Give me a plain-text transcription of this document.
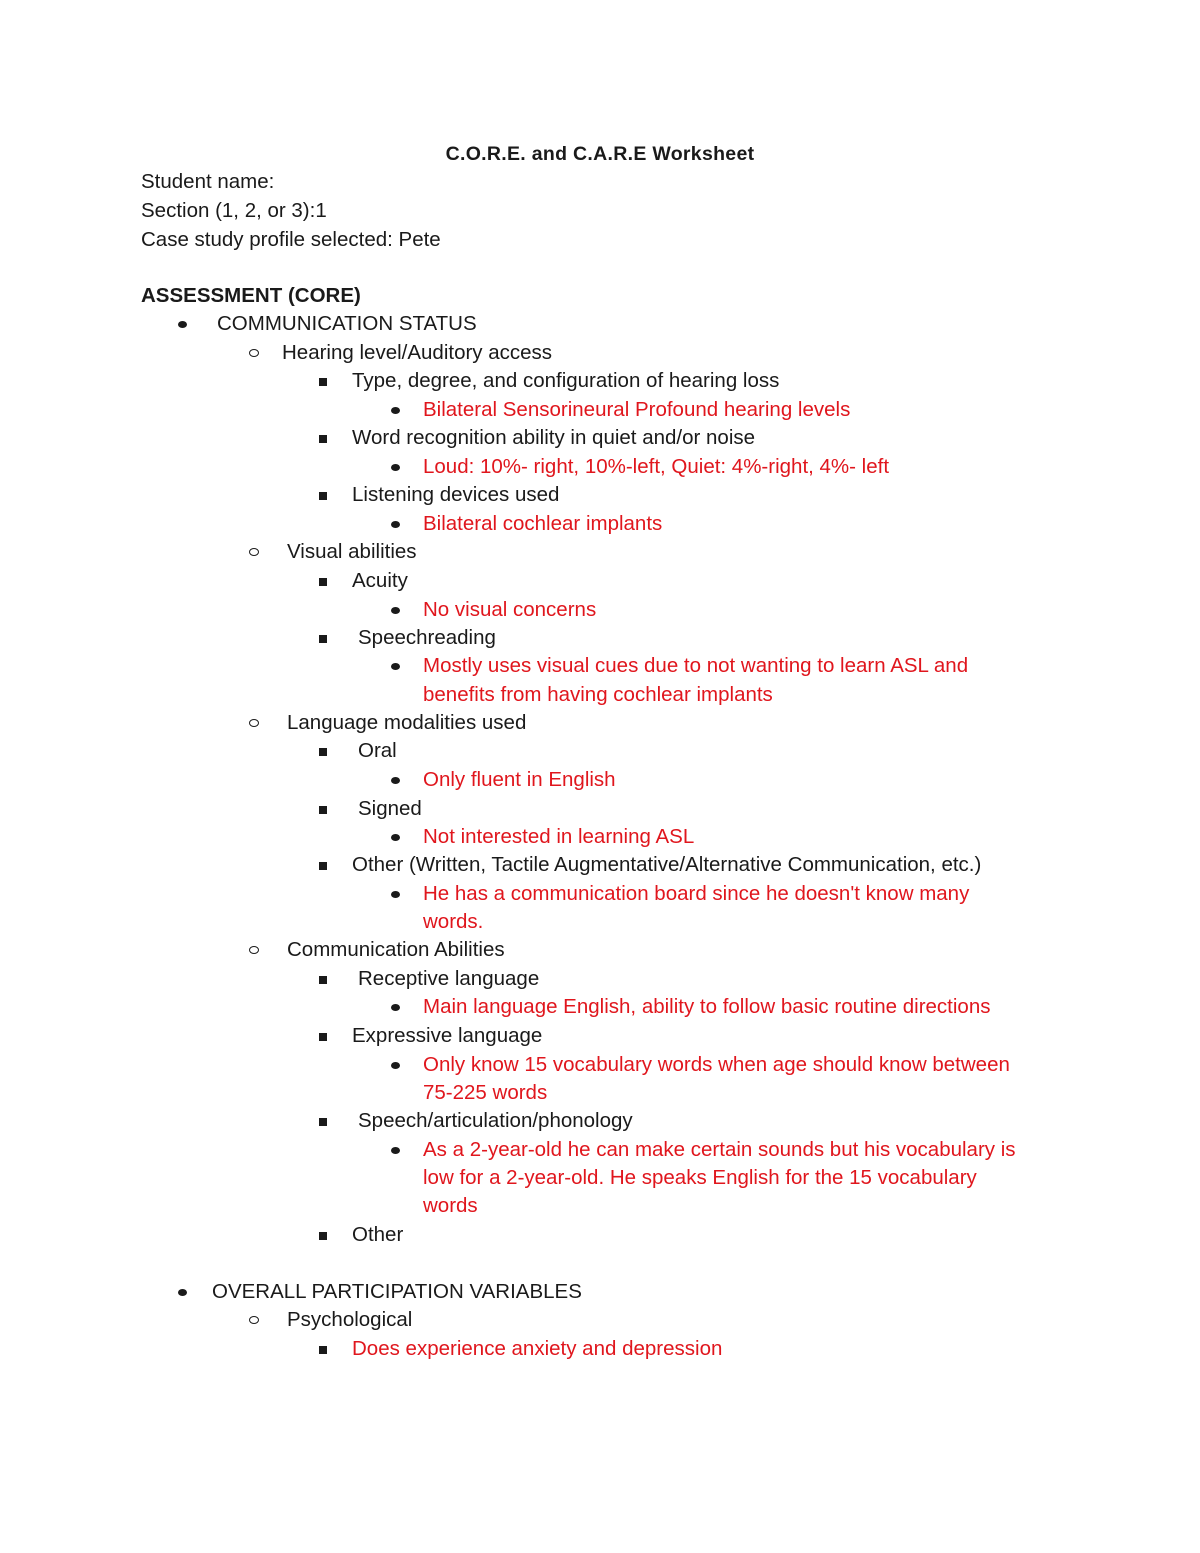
C.O.R.E. and C.A.R.E Worksheet
Student name:
Section (1, 2, or 3):1
Case study profile selected: Pete
ASSESSMENT (CORE)
COMMUNICATION STATUS
Hearing level/Auditory access
Type, degree, and configuration of hearing loss
Bilateral Sensorineural Profound hearing levels
Word recognition ability in quiet and/or noise
Loud: 10%- right, 10%-left, Quiet: 4%-right, 4%- left
Listening devices used
Bilateral cochlear implants
Visual abilities
Acuity
No visual concerns
Speechreading
Mostly uses visual cues due to not wanting to learn ASL and
benefits from having cochlear implants
Language modalities used
Oral
Only fluent in English
Signed
Not interested in learning ASL
Other (Written, Tactile Augmentative/Alternative Communication, etc.)
He has a communication board since he doesn't know many
words.
Communication Abilities
Receptive language
Main language English, ability to follow basic routine directions
Expressive language
Only know 15 vocabulary words when age should know between
75-225 words
Speech/articulation/phonology
As a 2-year-old he can make certain sounds but his vocabulary is
low for a 2-year-old. He speaks English for the 15 vocabulary
words
Other
OVERALL PARTICIPATION VARIABLES
Psychological
Does experience anxiety and depression
